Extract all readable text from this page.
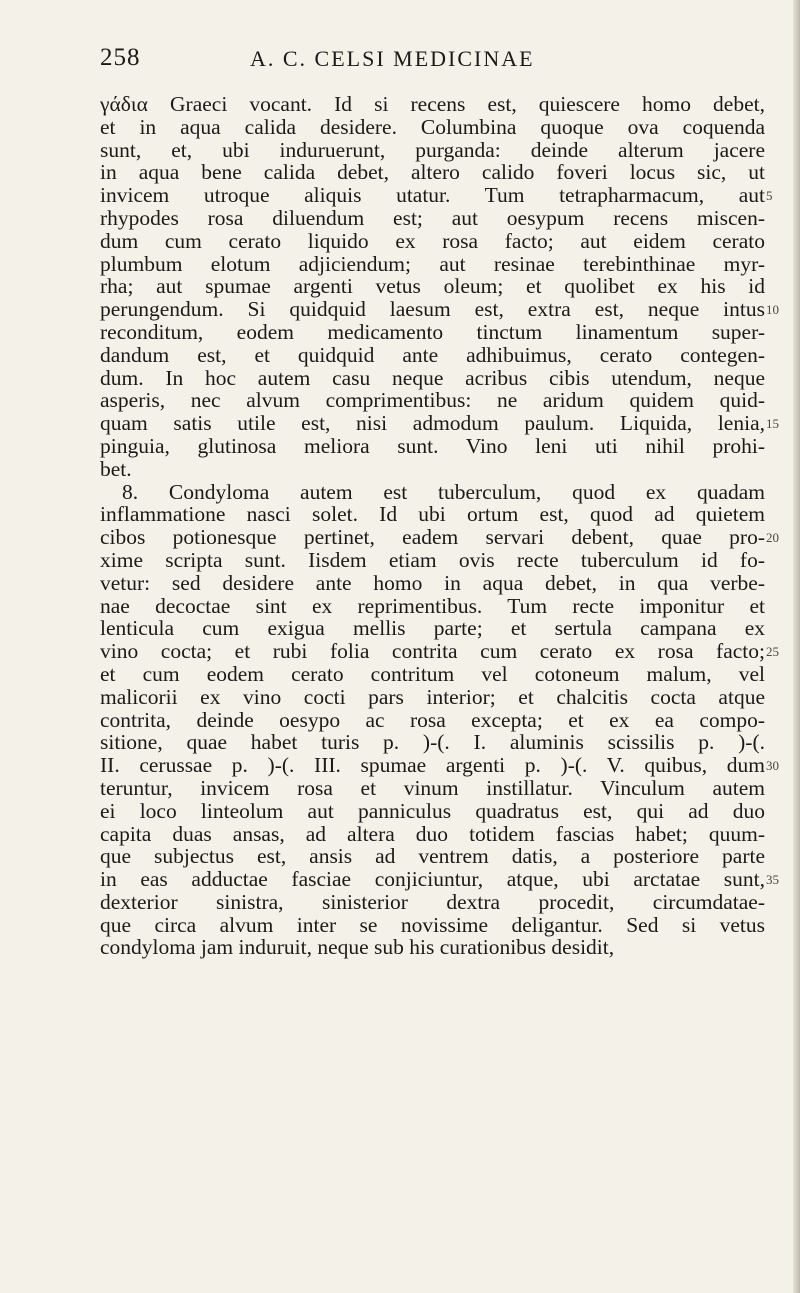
258	A. C. CELSI MEDICINAE
γάδια Graeci vocant. Id si recens est, quiescere homo debet,
et in aqua calida desidere. Columbina quoque ova coquenda
sunt, et, ubi induruerunt, purganda: deinde alterum jacere
in aqua bene calida debet, altero calido foveri locus sic, ut
invicem utroque aliquis utatur. Tum tetrapharmacum, aut
rhypodes rosa diluendum est; aut oesypum recens miscen-
dum cum cerato liquido ex rosa facto; aut eidem cerato
plumbum elotum adjiciendum; aut resinae terebinthinae myr-
rha; aut spumae argenti vetus oleum; et quolibet ex his id
perungendum. Si quidquid laesum est, extra est, neque intus
reconditum, eodem medicamento tinctum linamentum super-
dandum est, et quidquid ante adhibuimus, cerato contegen-
dum. In hoc autem casu neque acribus cibis utendum, neque
asperis, nec alvum comprimentibus: ne aridum quidem quid-
quam satis utile est, nisi admodum paulum. Liquida, lenia,
pinguia, glutinosa meliora sunt. Vino leni uti nihil prohi-
bet.
8. Condyloma autem est tuberculum, quod ex quadam
inflammatione nasci solet. Id ubi ortum est, quod ad quietem
cibos potionesque pertinet, eadem servari debent, quae pro-
xime scripta sunt. Iisdem etiam ovis recte tuberculum id fo-
vetur: sed desidere ante homo in aqua debet, in qua verbe-
nae decoctae sint ex reprimentibus. Tum recte imponitur et
lenticula cum exigua mellis parte; et sertula campana ex
vino cocta; et rubi folia contrita cum cerato ex rosa facto;
et cum eodem cerato contritum vel cotoneum malum, vel
malicorii ex vino cocti pars interior; et chalcitis cocta atque
contrita, deinde oesypo ac rosa excepta; et ex ea compo-
sitione, quae habet turis p. )-(. I. aluminis scissilis p. )-(.
II. cerussae p. )-(. III. spumae argenti p. )-(. V. quibus, dum
teruntur, invicem rosa et vinum instillatur. Vinculum autem
ei loco linteolum aut panniculus quadratus est, qui ad duo
capita duas ansas, ad altera duo totidem fascias habet; quum-
que subjectus est, ansis ad ventrem datis, a posteriore parte
in eas adductae fasciae conjiciuntur, atque, ubi arctatae sunt,
dexterior sinistra, sinisterior dextra procedit, circumdatae-
que circa alvum inter se novissime deligantur. Sed si vetus
condyloma jam induruit, neque sub his curationibus desidit,
5
10
15
20
25
30
35
